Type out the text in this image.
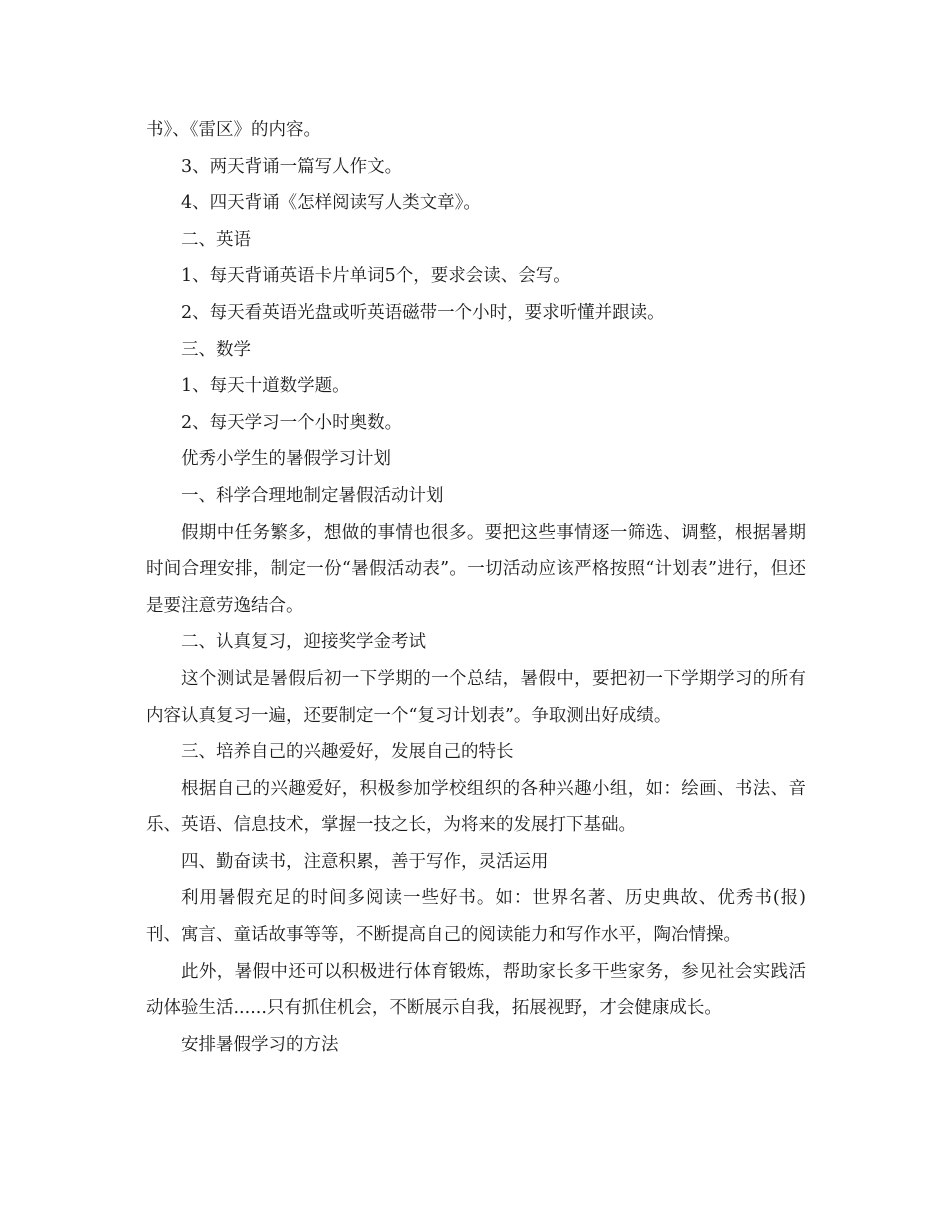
书》、《雷区》的内容。

3、两天背诵一篇写人作文。

4、四天背诵《怎样阅读写人类文章》。

二、英语

1、每天背诵英语卡片单词5个，要求会读、会写。

2、每天看英语光盘或听英语磁带一个小时，要求听懂并跟读。

三、数学

1、每天十道数学题。

2、每天学习一个小时奥数。

优秀小学生的暑假学习计划

一、科学合理地制定暑假活动计划

假期中任务繁多，想做的事情也很多。要把这些事情逐一筛选、调整，根据暑期时间合理安排，制定一份“暑假活动表”。一切活动应该严格按照“计划表”进行，但还是要注意劳逸结合。

二、认真复习，迎接奖学金考试

这个测试是暑假后初一下学期的一个总结，暑假中，要把初一下学期学习的所有内容认真复习一遍，还要制定一个“复习计划表”。争取测出好成绩。

三、培养自己的兴趣爱好，发展自己的特长

根据自己的兴趣爱好，积极参加学校组织的各种兴趣小组，如：绘画、书法、音乐、英语、信息技术，掌握一技之长，为将来的发展打下基础。

四、勤奋读书，注意积累，善于写作，灵活运用

利用暑假充足的时间多阅读一些好书。如：世界名著、历史典故、优秀书(报)刊、寓言、童话故事等等，不断提高自己的阅读能力和写作水平，陶冶情操。

此外，暑假中还可以积极进行体育锻炼，帮助家长多干些家务，参见社会实践活动体验生活......只有抓住机会，不断展示自我，拓展视野，才会健康成长。

安排暑假学习的方法
